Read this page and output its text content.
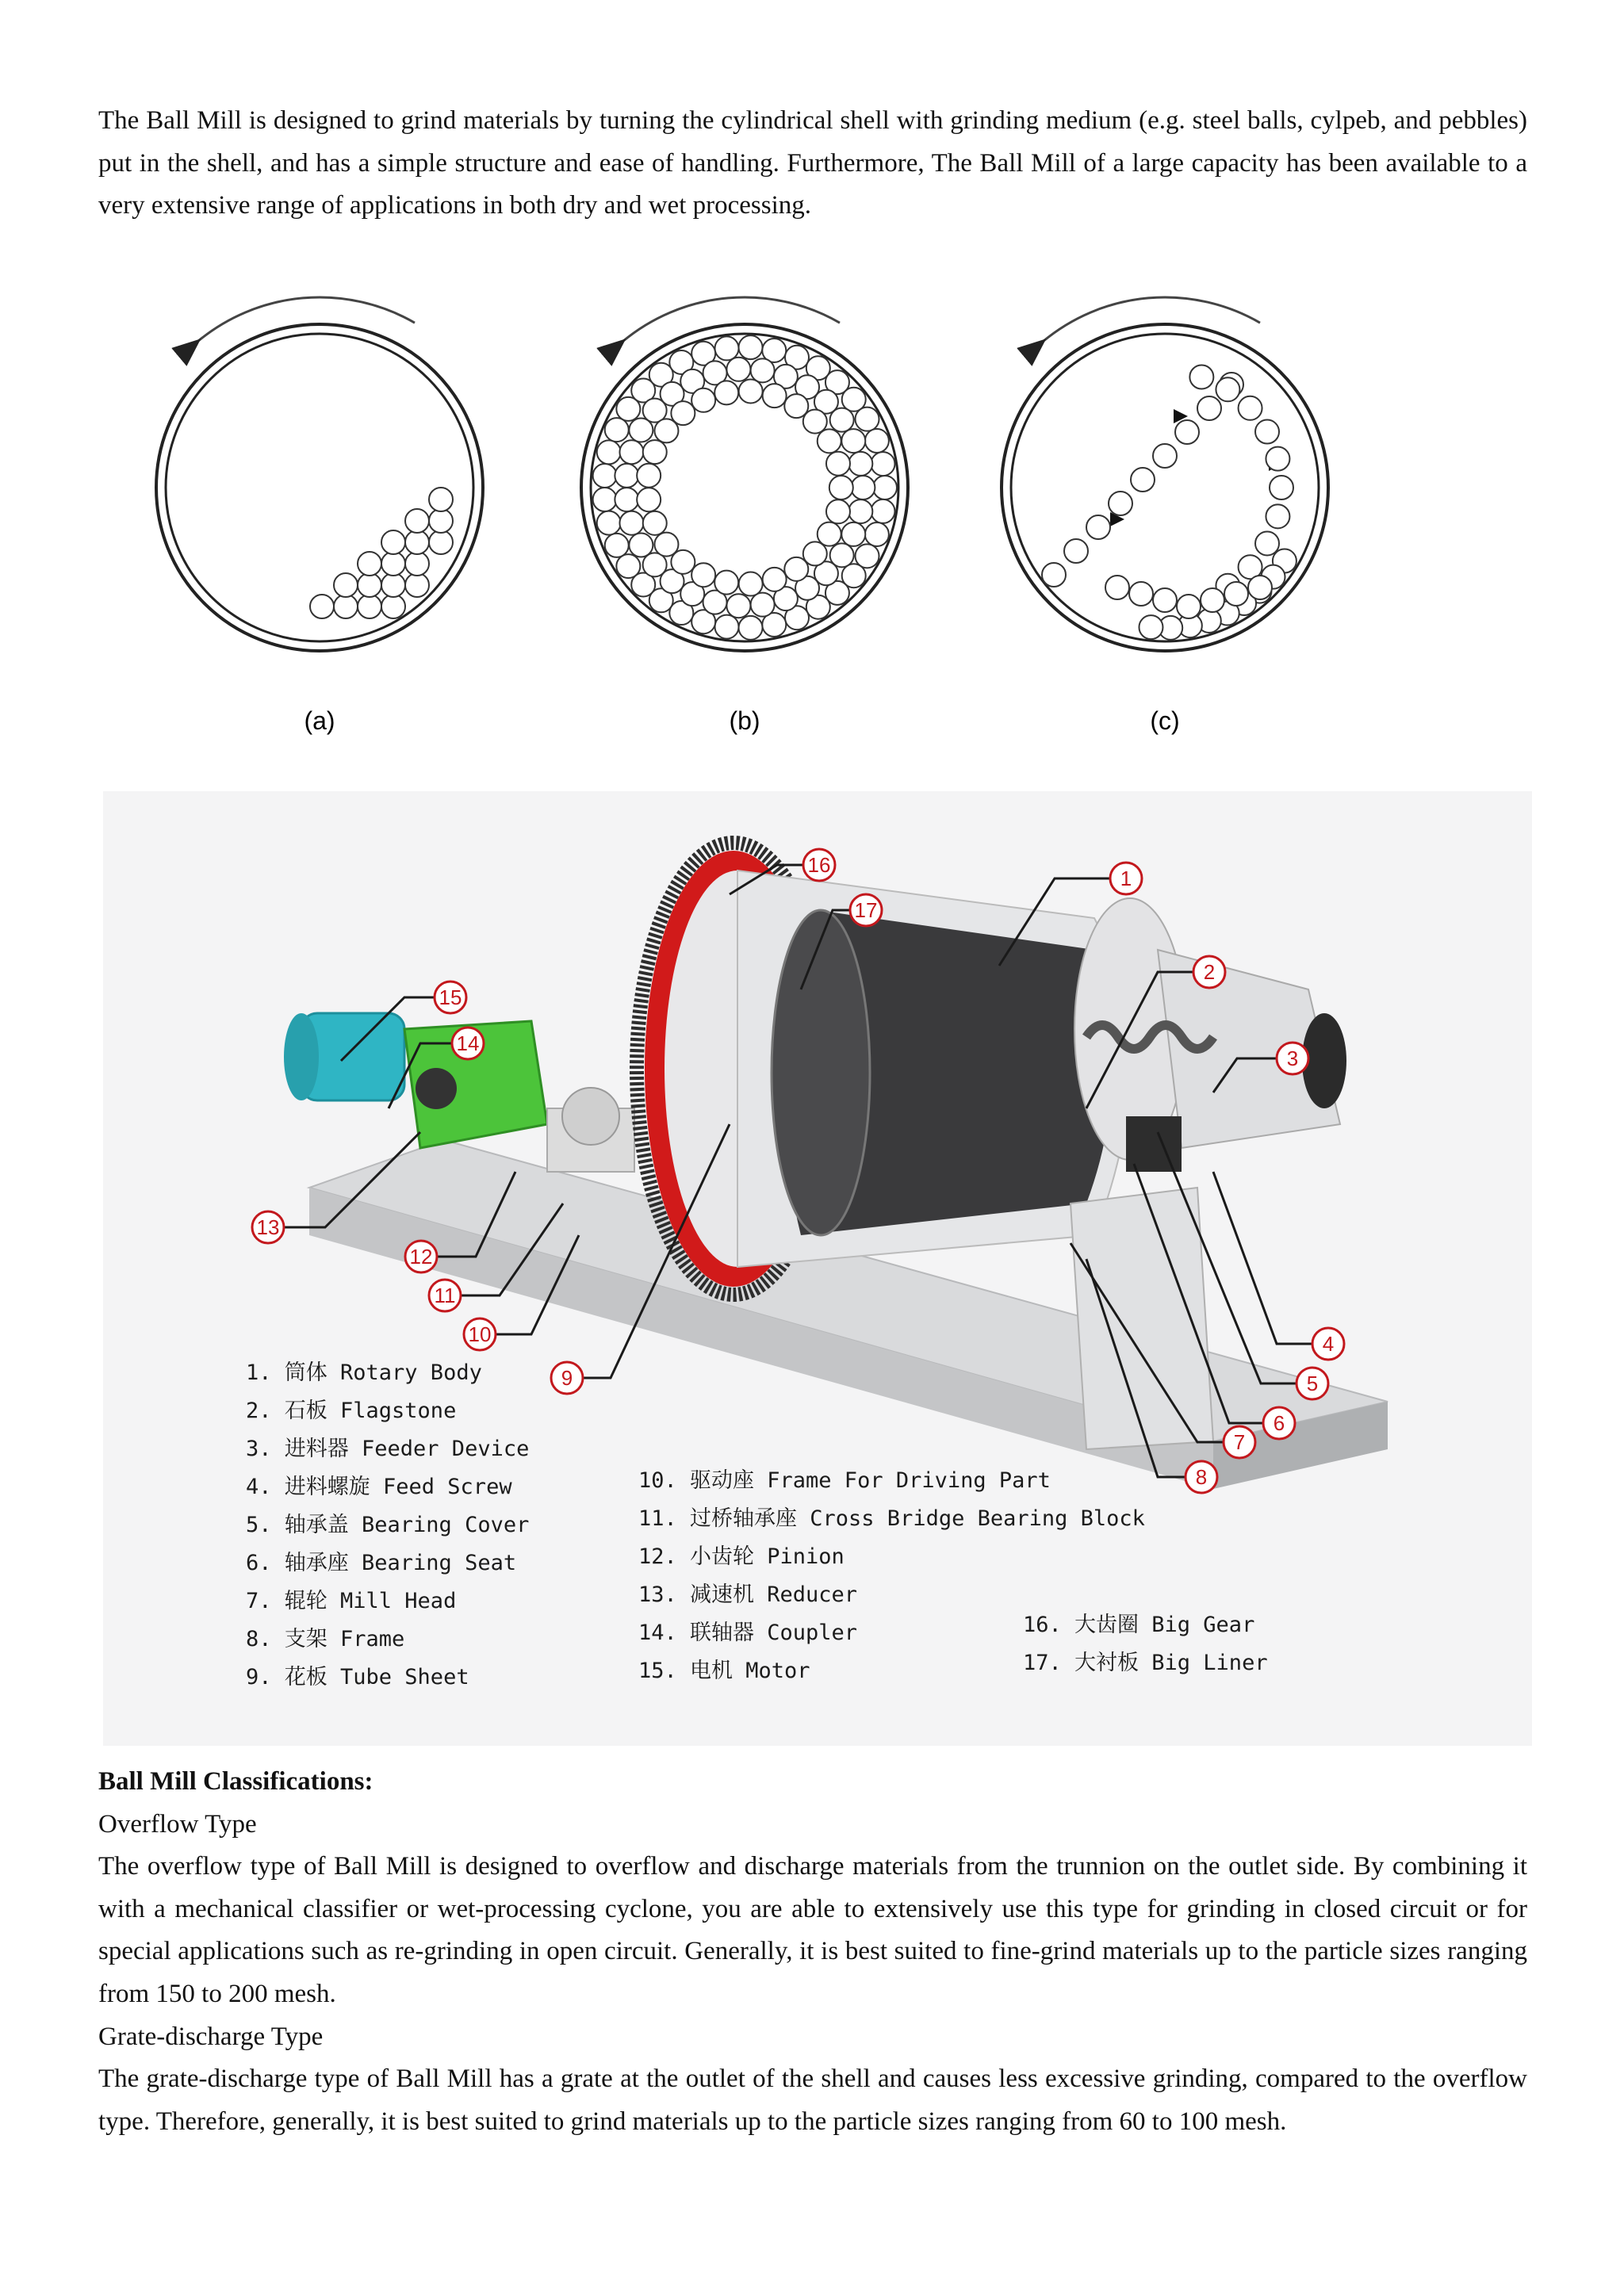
The Ball Mill is designed to grind materials by turning the cylindrical shell with grinding medium (e.g. steel balls, cylpeb, and pebbles) put in the shell, and has a simple structure and ease of handling. Furthermore, The Ball Mill of a large capacity has been available to a very extensive range of applications in both dry and wet processing.

(a)	(b)	(c)
1
2
3
4
5
6
7
8
9
10
11
12
13
14
15
16
17
1. 筒体 Rotary Body
2. 石板 Flagstone
3. 进料器 Feeder Device
4. 进料螺旋 Feed Screw
5. 轴承盖 Bearing Cover
6. 轴承座 Bearing Seat
7. 辊轮 Mill Head
8. 支架 Frame
9. 花板 Tube Sheet
10. 驱动座 Frame For Driving Part
11. 过桥轴承座 Cross Bridge Bearing Block
12. 小齿轮 Pinion
13. 减速机 Reducer
14. 联轴器 Coupler
15. 电机 Motor
16. 大齿圈 Big Gear
17. 大衬板 Big Liner
Ball Mill Classifications:
Overflow Type

The overflow type of Ball Mill is designed to overflow and discharge materials from the trunnion on the outlet side. By combining it with a mechanical classifier or wet-processing cyclone, you are able to extensively use this type for grinding in closed circuit or for special applications such as re-grinding in open circuit. Generally, it is best suited to fine-grind materials up to the particle sizes ranging from 150 to 200 mesh.

Grate-discharge Type

The grate-discharge type of Ball Mill has a grate at the outlet of the shell and causes less excessive grinding, compared to the overflow type. Therefore, generally, it is best suited to grind materials up to the particle sizes ranging from 60 to 100 mesh.
